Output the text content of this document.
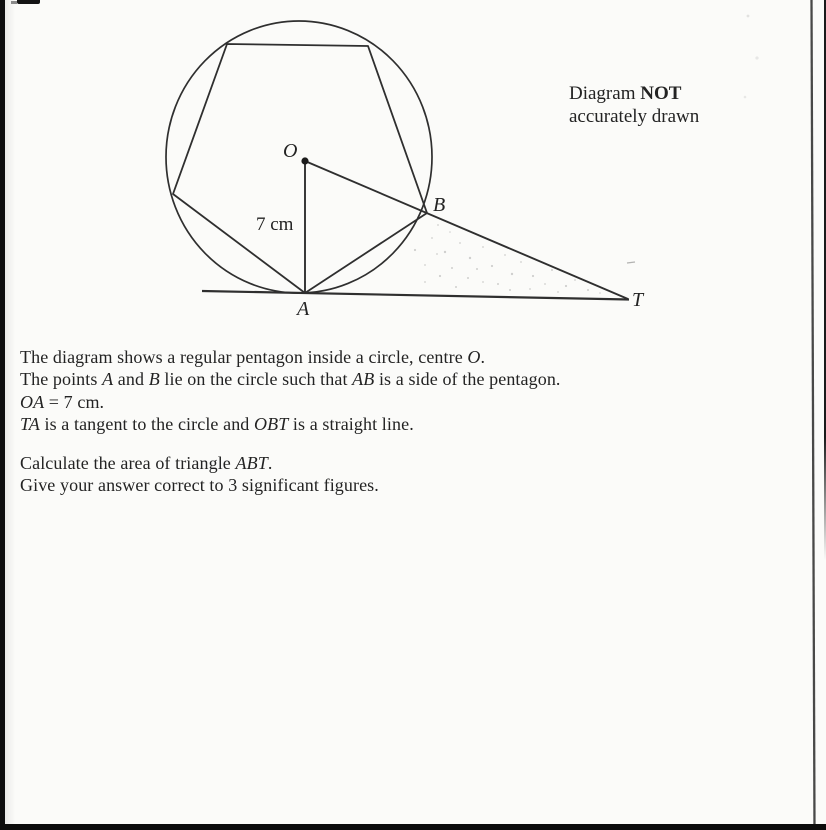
O
A
B
T
7 cm
Diagram NOT
accurately drawn
The diagram shows a regular pentagon inside a circle, centre O.
The points A and B lie on the circle such that AB is a side of the pentagon.
OA = 7 cm.
TA is a tangent to the circle and OBT is a straight line.
Calculate the area of triangle ABT.
Give your answer correct to 3 significant figures.
